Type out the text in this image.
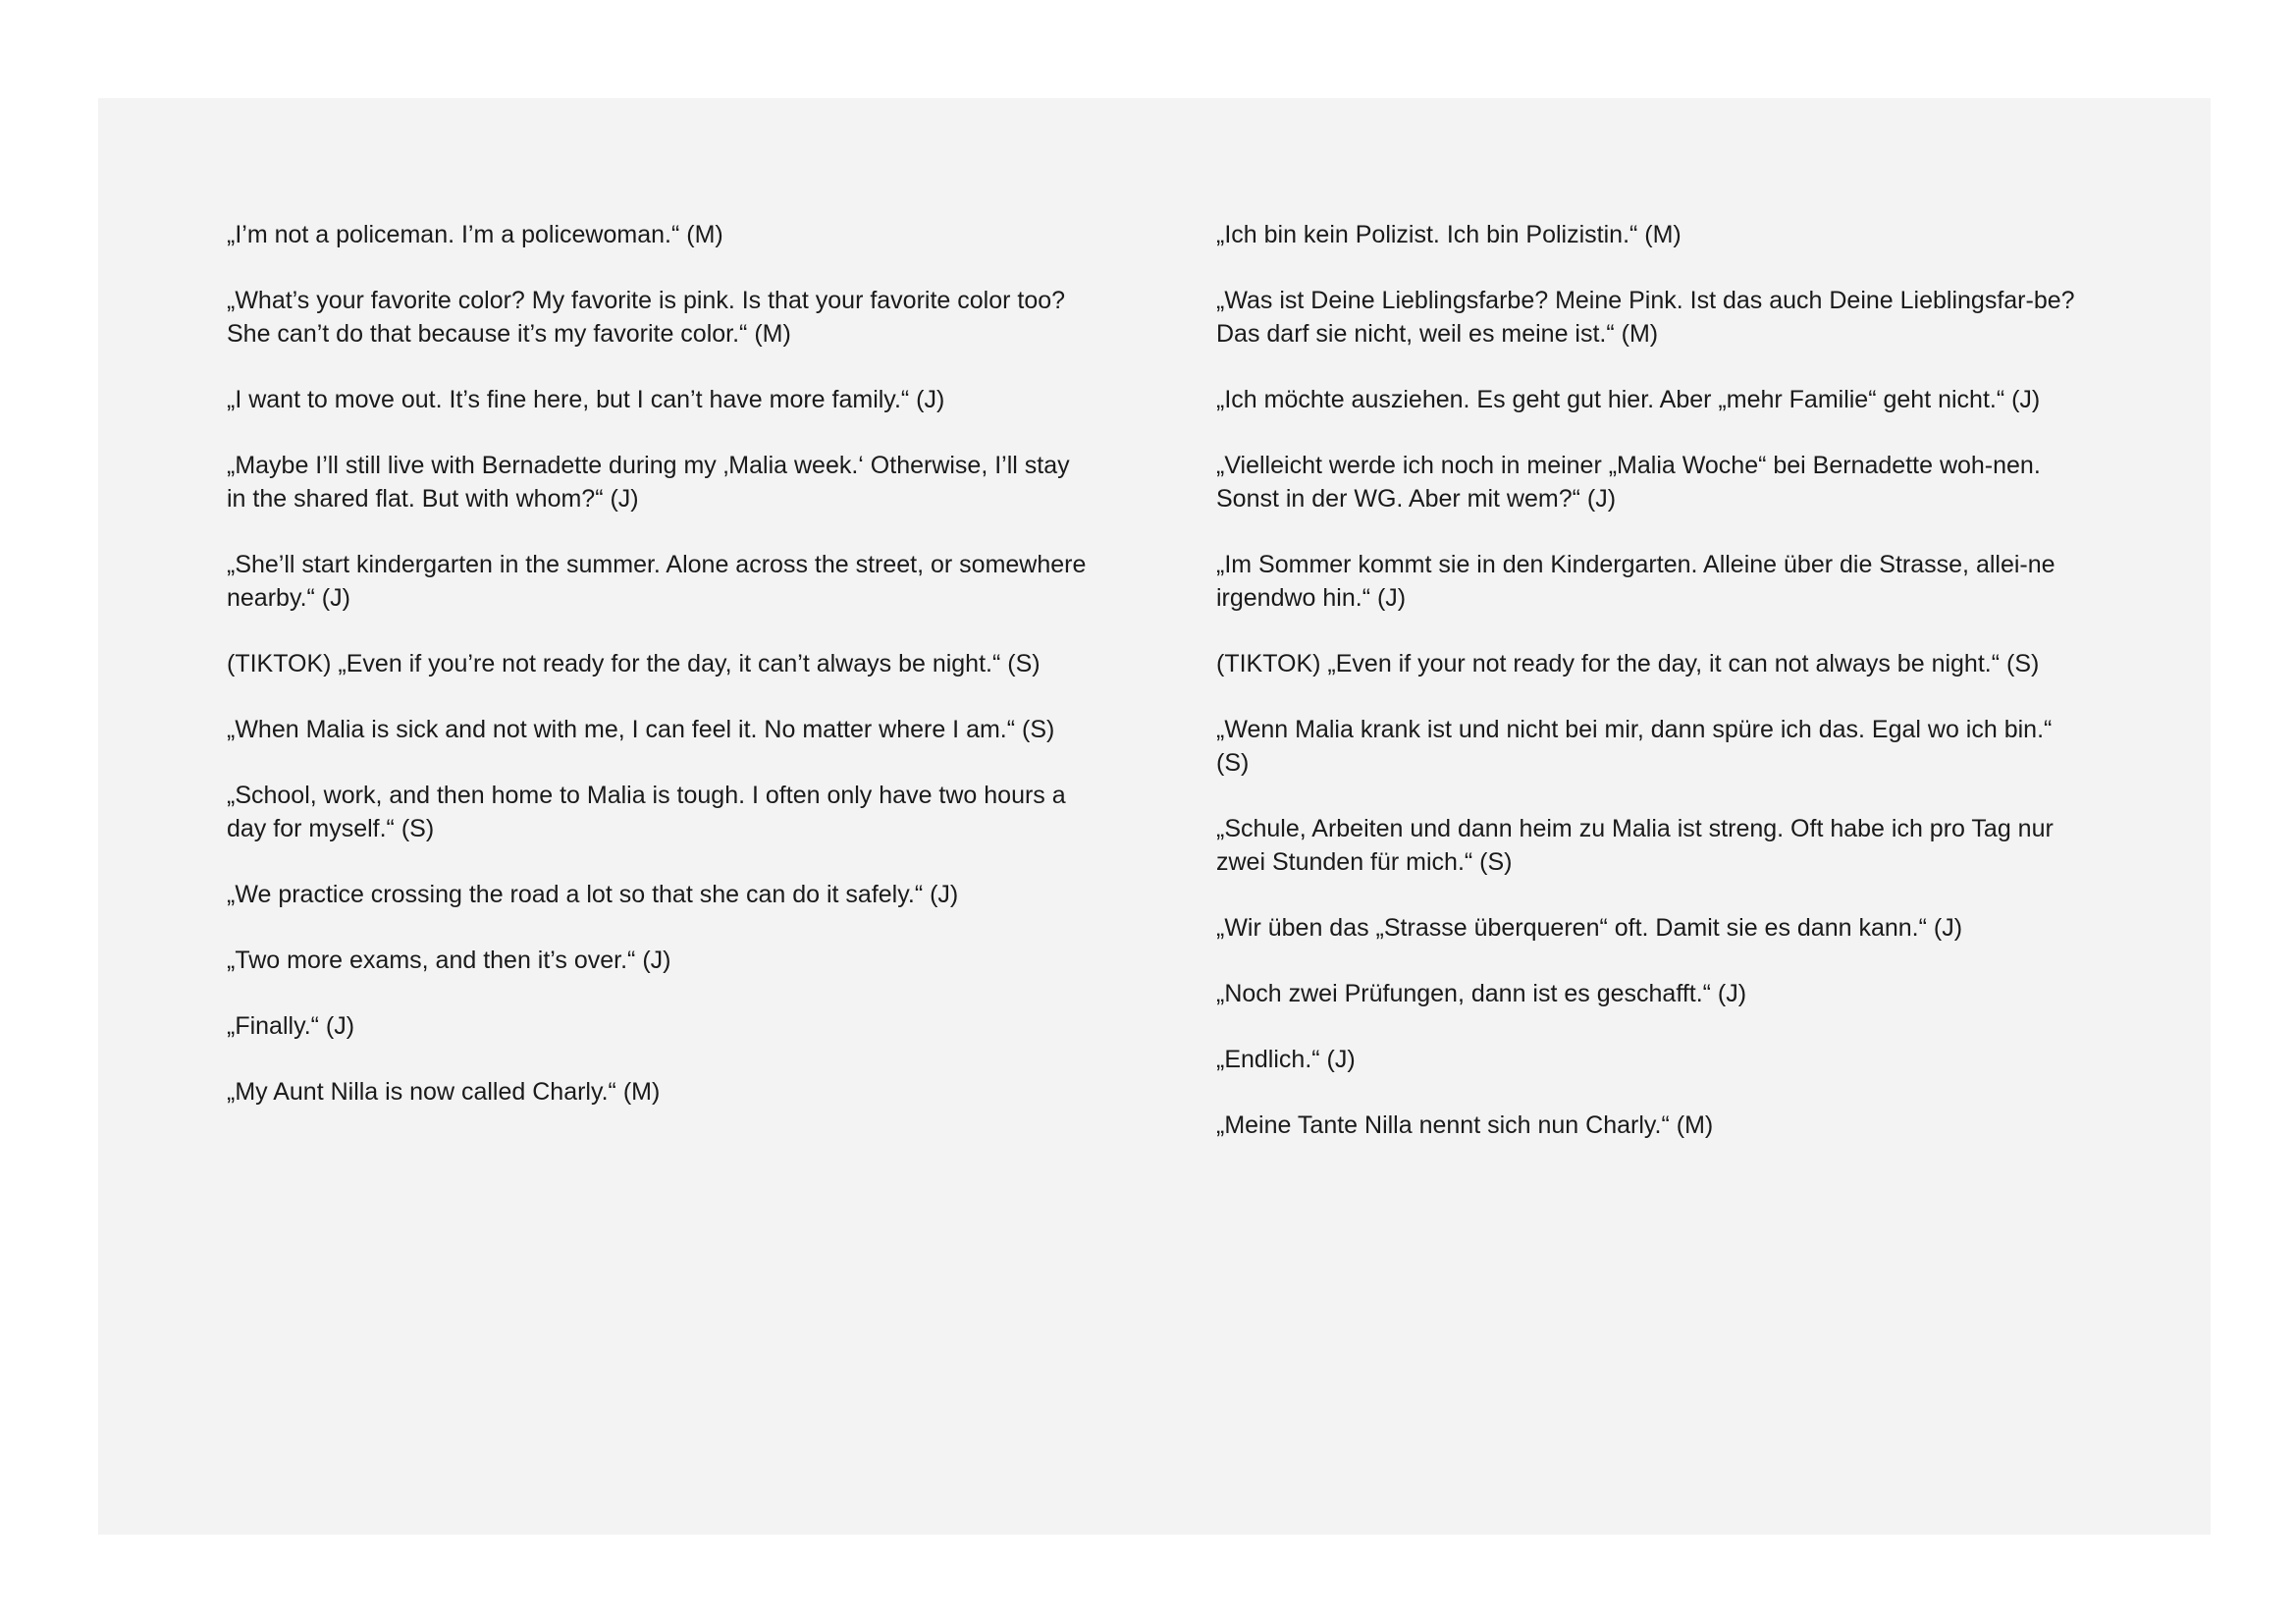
„I’m not a policeman. I’m a policewoman.“ (M)

„What’s your favorite color? My favorite is pink. Is that your favorite color too? She can’t do that because it’s my favorite color.“ (M)

„I want to move out. It’s fine here, but I can’t have more family.“ (J)

„Maybe I’ll still live with Bernadette during my ‚Malia week.‘ Otherwise, I’ll stay in the shared flat. But with whom?“ (J)

„She’ll start kindergarten in the summer. Alone across the street, or somewhere nearby.“ (J)

(TIKTOK) „Even if you’re not ready for the day, it can’t always be night.“ (S)

„When Malia is sick and not with me, I can feel it. No matter where I am.“ (S)

„School, work, and then home to Malia is tough. I often only have two hours a day for myself.“ (S)

„We practice crossing the road a lot so that she can do it safely.“ (J)

„Two more exams, and then it’s over.“ (J)

„Finally.“ (J)

„My Aunt Nilla is now called Charly.“ (M)

„Ich bin kein Polizist. Ich bin Polizistin.“ (M)

„Was ist Deine Lieblingsfarbe? Meine Pink. Ist das auch Deine Lieblingsfar-be? Das darf sie nicht, weil es meine ist.“ (M)

„Ich möchte ausziehen. Es geht gut hier. Aber „mehr Familie“ geht nicht.“ (J)

„Vielleicht werde ich noch in meiner „Malia Woche“ bei Bernadette woh-nen. Sonst in der WG. Aber mit wem?“ (J)

„Im Sommer kommt sie in den Kindergarten. Alleine über die Strasse, allei-ne irgendwo hin.“ (J)

(TIKTOK) „Even if your not ready for the day, it can not always be night.“ (S)

„Wenn Malia krank ist und nicht bei mir, dann spüre ich das. Egal wo ich bin.“ (S)

„Schule, Arbeiten und dann heim zu Malia ist streng. Oft habe ich pro Tag nur zwei Stunden für mich.“ (S)

„Wir üben das „Strasse überqueren“ oft. Damit sie es dann kann.“ (J)

„Noch zwei Prüfungen, dann ist es geschafft.“ (J)

„Endlich.“ (J)

„Meine Tante Nilla nennt sich nun Charly.“ (M)
